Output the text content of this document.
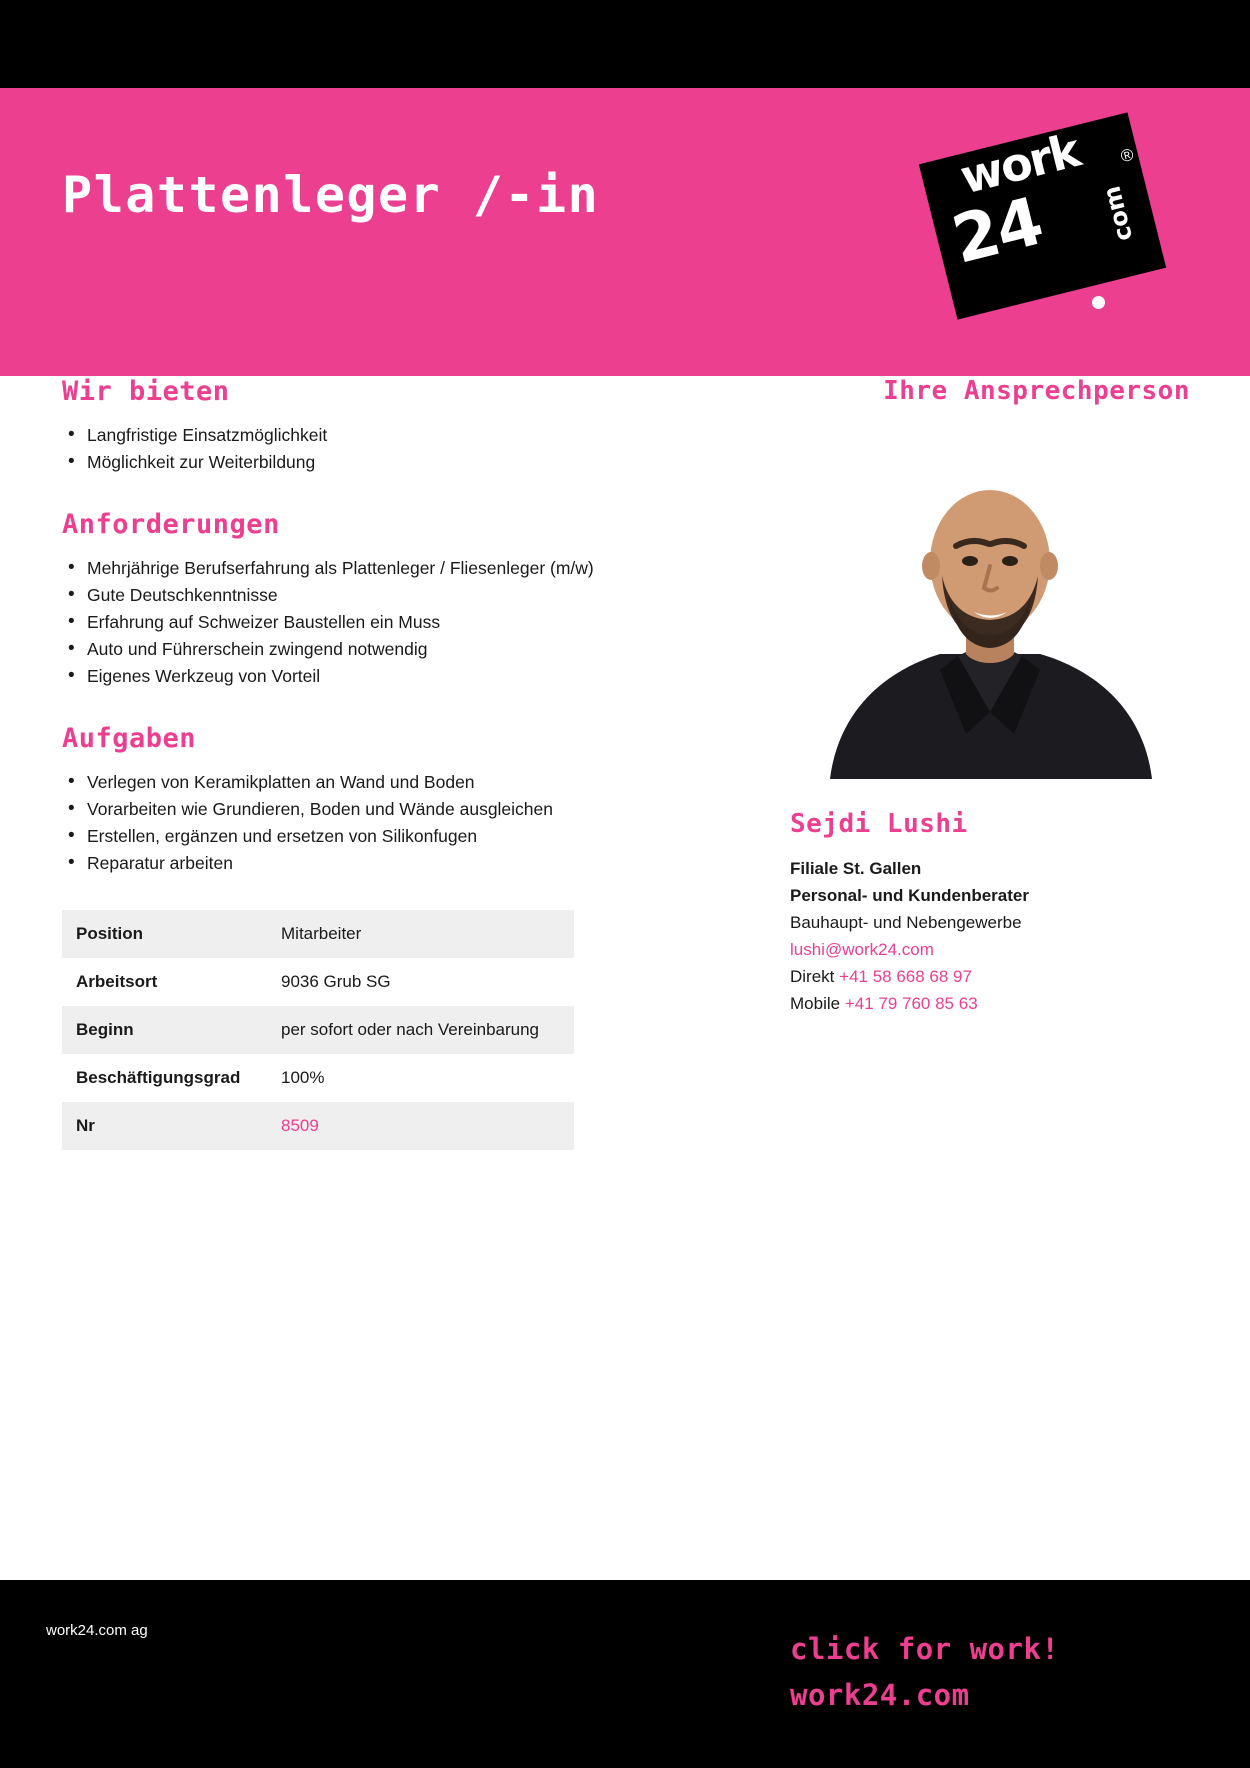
Plattenleger /-in	work
24 com
®
Wir bieten
• Langfristige Einsatzmöglichkeit
• Möglichkeit zur Weiterbildung
Anforderungen
• Mehrjährige Berufserfahrung als Plattenleger / Fliesenleger (m/w)
• Gute Deutschkenntnisse
• Erfahrung auf Schweizer Baustellen ein Muss
• Auto und Führerschein zwingend notwendig
• Eigenes Werkzeug von Vorteil
Aufgaben
• Verlegen von Keramikplatten an Wand und Boden
• Vorarbeiten wie Grundieren, Boden und Wände ausgleichen
• Erstellen, ergänzen und ersetzen von Silikonfugen
• Reparatur arbeiten
Position	Mitarbeiter
Arbeitsort	9036 Grub SG
Beginn	per sofort oder nach Vereinbarung
Beschäftigungsgrad	100%
Nr	8509
Ihre Ansprechperson
Sejdi Lushi
Filiale St. Gallen
Personal- und Kundenberater
Bauhaupt- und Nebengewerbe
lushi@work24.com
Direkt +41 58 668 68 97
Mobile +41 79 760 85 63
work24.com ag
click for work!
work24.com
